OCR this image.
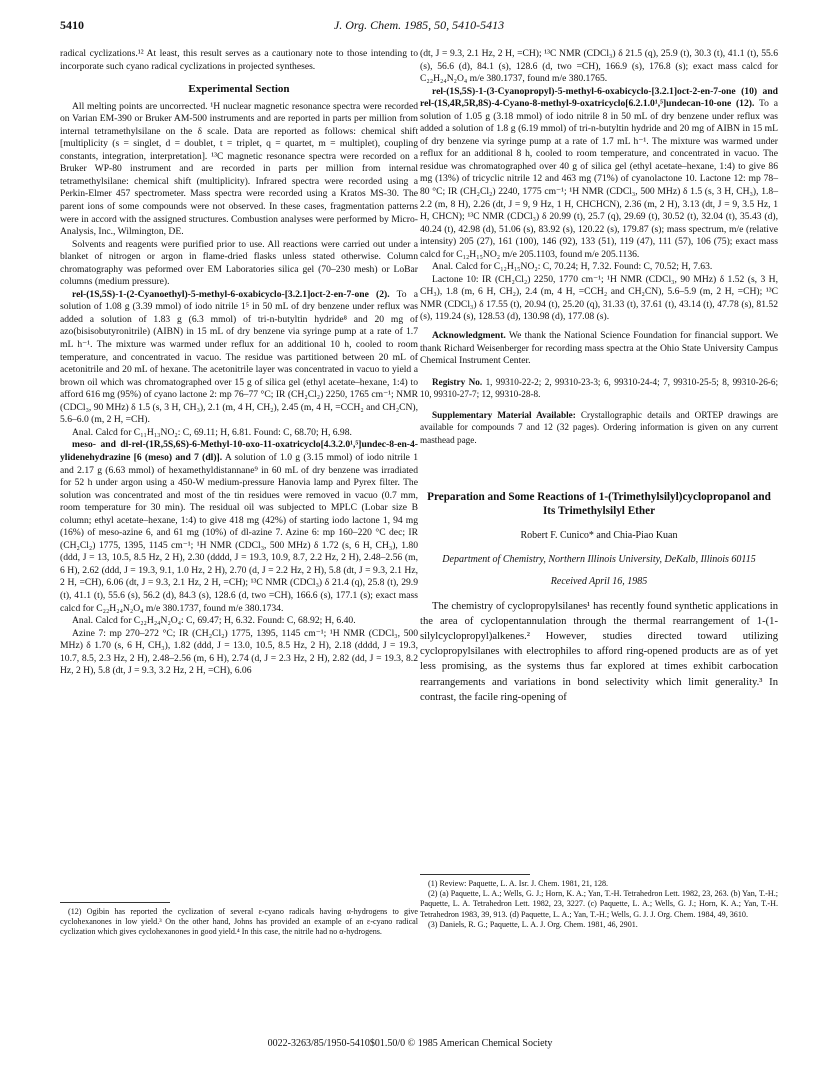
5410	J. Org. Chem. 1985, 50, 5410-5413

radical cyclizations.¹² At least, this result serves as a cautionary note to those intending to incorporate such cyano radical cyclizations in projected syntheses.

Experimental Section

All melting points are uncorrected. ¹H nuclear magnetic resonance spectra were recorded on Varian EM-390 or Bruker AM-500 instruments and are reported in parts per million from internal tetramethylsilane on the δ scale. Data are reported as follows: chemical shift [multiplicity (s = singlet, d = doublet, t = triplet, q = quartet, m = multiplet), coupling constants, integration, interpretation]. ¹³C magnetic resonance spectra were recorded on a Bruker WP-80 instrument and are recorded in parts per million from internal tetramethylsilane: chemical shift (multiplicity). Infrared spectra were recorded using a Perkin-Elmer 457 spectrometer. Mass spectra were recorded using a Kratos MS-30. The parent ions of some compounds were not observed. In these cases, fragmentation patterns were in accord with the assigned structures. Combustion analyses were performed by Micro-Analysis, Inc., Wilmington, DE.

Solvents and reagents were purified prior to use. All reactions were carried out under a blanket of nitrogen or argon in flame-dried flasks unless stated otherwise. Column chromatography was peformed over EM Laboratories silica gel (70–230 mesh) or LoBar columns (medium pressure).

rel-(1S,5S)-1-(2-Cyanoethyl)-5-methyl-6-oxabicyclo-[3.2.1]oct-2-en-7-one (2). To a solution of 1.08 g (3.39 mmol) of iodo nitrile 1⁵ in 50 mL of dry benzene under reflux was added a solution of 1.83 g (6.3 mmol) of tri-n-butyltin hydride⁸ and 20 mg of azo(bisisobutyronitrile) (AIBN) in 15 mL of dry benzene via syringe pump at a rate of 1.7 mL h⁻¹. The mixture was warmed under reflux for an additional 10 h, cooled to room temperature, and concentrated in vacuo. The residue was partitioned between 20 mL of acetonitrile and 20 mL of hexane. The acetonitrile layer was concentrated in vacuo to yield a brown oil which was chromatographed over 15 g of silica gel (ethyl acetate–hexane, 1:4) to afford 616 mg (95%) of cyano lactone 2: mp 76–77 °C; IR (CH₂Cl₂) 2250, 1765 cm⁻¹; NMR (CDCl₃, 90 MHz) δ 1.5 (s, 3 H, CH₃), 2.1 (m, 4 H, CH₂), 2.45 (m, 4 H, =CCH₂ and CH₂CN), 5.6–6.0 (m, 2 H, =CH).

Anal. Calcd for C₁₁H₁₃NO₂: C, 69.11; H, 6.81. Found: C, 68.70; H, 6.98.

meso- and dl-rel-(1R,5S,6S)-6-Methyl-10-oxo-11-oxatricyclo[4.3.2.0¹,⁵]undec-8-en-4-ylidenehydrazine [6 (meso) and 7 (dl)]. A solution of 1.0 g (3.15 mmol) of iodo nitrile 1 and 2.17 g (6.63 mmol) of hexamethyldistannane⁹ in 60 mL of dry benzene was irradiated for 52 h under argon using a 450-W medium-pressure Hanovia lamp and Pyrex filter. The solution was concentrated and most of the tin residues were removed in vacuo (0.7 mm, room temperature for 30 min). The residual oil was subjected to MPLC (Lobar size B column; ethyl acetate–hexane, 1:4) to give 418 mg (42%) of starting iodo lactone 1, 94 mg (16%) of meso-azine 6, and 61 mg (10%) of dl-azine 7. Azine 6: mp 160–220 °C dec; IR (CH₂Cl₂) 1775, 1395, 1145 cm⁻¹; ¹H NMR (CDCl₃, 500 MHz) δ 1.72 (s, 6 H, CH₃), 1.80 (ddd, J = 13, 10.5, 8.5 Hz, 2 H), 2.30 (dddd, J = 19.3, 10.9, 8.7, 2.2 Hz, 2 H), 2.48–2.56 (m, 6 H), 2.62 (ddd, J = 19.3, 9.1, 1.0 Hz, 2 H), 2.70 (d, J = 2.2 Hz, 2 H), 5.8 (dt, J = 9.3, 2.1 Hz, 2 H, =CH), 6.06 (dt, J = 9.3, 2.1 Hz, 2 H, =CH); ¹³C NMR (CDCl₃) δ 21.4 (q), 25.8 (t), 29.9 (t), 41.1 (t), 55.6 (s), 56.2 (d), 84.3 (s), 128.6 (d, two =CH), 166.6 (s), 177.1 (s); exact mass calcd for C₂₂H₂₄N₂O₄ m/e 380.1737, found m/e 380.1734.

Anal. Calcd for C₂₂H₂₄N₂O₄: C, 69.47; H, 6.32. Found: C, 68.92; H, 6.40.

Azine 7: mp 270–272 °C; IR (CH₂Cl₂) 1775, 1395, 1145 cm⁻¹; ¹H NMR (CDCl₃, 500 MHz) δ 1.70 (s, 6 H, CH₃), 1.82 (ddd, J = 13.0, 10.5, 8.5 Hz, 2 H), 2.18 (dddd, J = 19.3, 10.7, 8.5, 2.3 Hz, 2 H), 2.48–2.56 (m, 6 H), 2.74 (d, J = 2.3 Hz, 2 H), 2.82 (dd, J = 19.3, 8.2 Hz, 2 H), 5.8 (dt, J = 9.3, 3.2 Hz, 2 H, =CH), 6.06

(12) Ogibin has reported the cyclization of several ε-cyano radicals having α-hydrogens to give cyclohexanones in low yield.³ On the other hand, Johns has provided an example of an ε-cyano radical cyclization which gives cyclohexanones in good yield.⁴ In this case, the nitrile had no α-hydrogens.

(dt, J = 9.3, 2.1 Hz, 2 H, =CH); ¹³C NMR (CDCl₃) δ 21.5 (q), 25.9 (t), 30.3 (t), 41.1 (t), 55.6 (s), 56.6 (d), 84.1 (s), 128.6 (d, two =CH), 166.9 (s), 176.8 (s); exact mass calcd for C₂₂H₂₄N₂O₄ m/e 380.1737, found m/e 380.1765.

rel-(1S,5S)-1-(3-Cyanopropyl)-5-methyl-6-oxabicyclo-[3.2.1]oct-2-en-7-one (10) and rel-(1S,4R,5R,8S)-4-Cyano-8-methyl-9-oxatricyclo[6.2.1.0¹,⁵]undecan-10-one (12). To a solution of 1.05 g (3.18 mmol) of iodo nitrile 8 in 50 mL of dry benzene under reflux was added a solution of 1.8 g (6.19 mmol) of tri-n-butyltin hydride and 20 mg of AIBN in 15 mL of dry benzene via syringe pump at a rate of 1.7 mL h⁻¹. The mixture was warmed under reflux for an additional 8 h, cooled to room temperature, and concentrated in vacuo. The residue was chromatographed over 40 g of silica gel (ethyl acetate–hexane, 1:4) to give 86 mg (13%) of tricyclic nitrile 12 and 463 mg (71%) of cyanolactone 10. Lactone 12: mp 78–80 °C; IR (CH₂Cl₂) 2240, 1775 cm⁻¹; ¹H NMR (CDCl₃, 500 MHz) δ 1.5 (s, 3 H, CH₃), 1.8–2.2 (m, 8 H), 2.26 (dt, J = 9, 9 Hz, 1 H, CHCHCN), 2.36 (m, 2 H), 3.13 (dt, J = 9, 3.5 Hz, 1 H, CHCN); ¹³C NMR (CDCl₃) δ 20.99 (t), 25.7 (q), 29.69 (t), 30.52 (t), 32.04 (t), 35.43 (d), 40.24 (t), 42.98 (d), 51.06 (s), 83.92 (s), 120.22 (s), 179.87 (s); mass spectrum, m/e (relative intensity) 205 (27), 161 (100), 146 (92), 133 (51), 119 (47), 111 (57), 106 (75); exact mass calcd for C₁₂H₁₅NO₂ m/e 205.1103, found m/e 205.1136.

Anal. Calcd for C₁₂H₁₅NO₂: C, 70.24; H, 7.32. Found: C, 70.52; H, 7.63.

Lactone 10: IR (CH₂Cl₂) 2250, 1770 cm⁻¹; ¹H NMR (CDCl₃, 90 MHz) δ 1.52 (s, 3 H, CH₃), 1.8 (m, 6 H, CH₂), 2.4 (m, 4 H, =CCH₂ and CH₂CN), 5.6–5.9 (m, 2 H, =CH); ¹³C NMR (CDCl₃) δ 17.55 (t), 20.94 (t), 25.20 (q), 31.33 (t), 37.61 (t), 43.14 (t), 47.78 (s), 81.52 (s), 119.24 (s), 128.53 (d), 130.98 (d), 177.08 (s).

Acknowledgment. We thank the National Science Foundation for financial support. We thank Richard Weisenberger for recording mass spectra at the Ohio State University Campus Chemical Instrument Center.

Registry No. 1, 99310-22-2; 2, 99310-23-3; 6, 99310-24-4; 7, 99310-25-5; 8, 99310-26-6; 10, 99310-27-7; 12, 99310-28-8.

Supplementary Material Available: Crystallographic details and ORTEP drawings are available for compounds 7 and 12 (32 pages). Ordering information is given on any current masthead page.

Preparation and Some Reactions of 1-(Trimethylsilyl)cyclopropanol and Its Trimethylsilyl Ether

Robert F. Cunico* and Chia-Piao Kuan

Department of Chemistry, Northern Illinois University, DeKalb, Illinois 60115

Received April 16, 1985

The chemistry of cyclopropylsilanes¹ has recently found synthetic applications in the area of cyclopentannulation through the thermal rearrangement of 1-(1-silylcyclopropyl)alkenes.² However, studies directed toward utilizing cyclopropylsilanes with electrophiles to afford ring-opened products are as of yet less promising, as the systems thus far explored at times exhibit carbocation rearrangements and variations in bond selectivity which limit generality.³ In contrast, the facile ring-opening of

(1) Review: Paquette, L. A. Isr. J. Chem. 1981, 21, 128.

(2) (a) Paquette, L. A.; Wells, G. J.; Horn, K. A.; Yan, T.-H. Tetrahedron Lett. 1982, 23, 263. (b) Yan, T.-H.; Paquette, L. A. Tetrahedron Lett. 1982, 23, 3227. (c) Paquette, L. A.; Wells, G. J.; Horn, K. A.; Yan, T.-H. Tetrahedron 1983, 39, 913. (d) Paquette, L. A.; Yan, T.-H.; Wells, G. J. J. Org. Chem. 1984, 49, 3610.

(3) Daniels, R. G.; Paquette, L. A. J. Org. Chem. 1981, 46, 2901.

0022-3263/85/1950-5410$01.50/0 © 1985 American Chemical Society
